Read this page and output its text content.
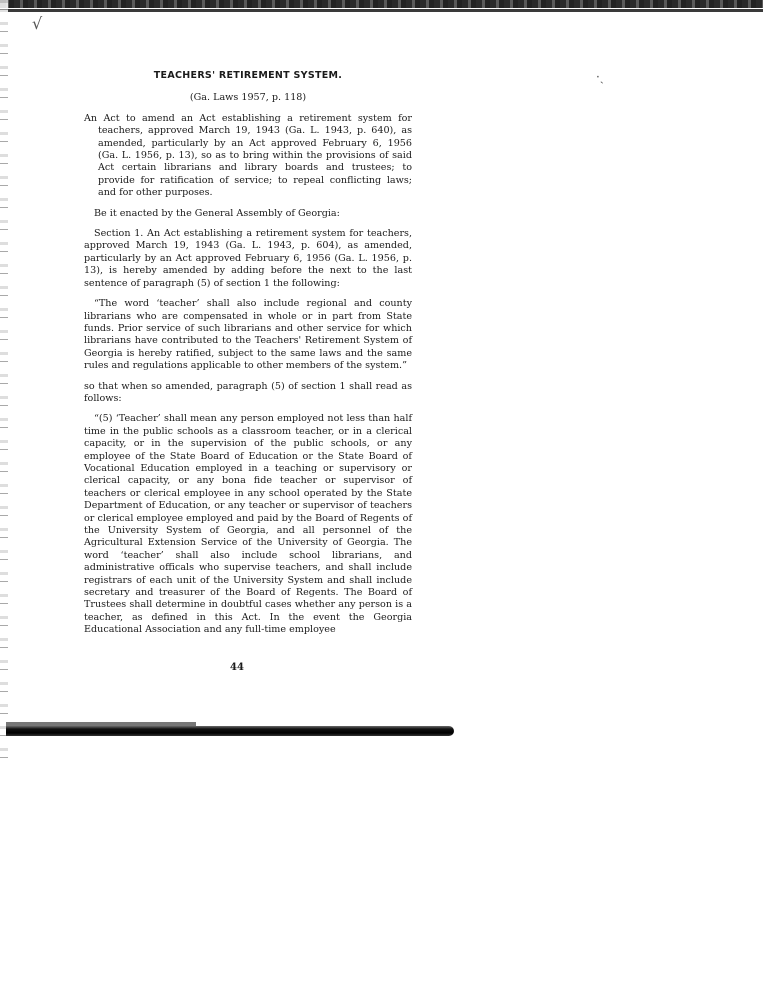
√
‧ˎ
TEACHERS' RETIREMENT SYSTEM.
(Ga. Laws 1957, p. 118)

An Act to amend an Act establishing a retirement system for teachers, approved March 19, 1943 (Ga. L. 1943, p. 640), as amended, particularly by an Act approved February 6, 1956 (Ga. L. 1956, p. 13), so as to bring within the provisions of said Act certain librarians and library boards and trustees; to provide for ratification of service; to repeal conflicting laws; and for other purposes.

Be it enacted by the General Assembly of Georgia:

Section 1. An Act establishing a retirement system for teachers, approved March 19, 1943 (Ga. L. 1943, p. 604), as amended, particularly by an Act approved February 6, 1956 (Ga. L. 1956, p. 13), is hereby amended by adding before the next to the last sentence of paragraph (5) of section 1 the following:

“The word ‘teacher’ shall also include regional and county librarians who are compensated in whole or in part from State funds. Prior service of such librarians and other service for which librarians have contributed to the Teachers' Retirement System of Georgia is hereby ratified, subject to the same laws and the same rules and regulations applicable to other members of the system.”

so that when so amended, paragraph (5) of section 1 shall read as follows:

“(5) ‘Teacher’ shall mean any person employed not less than half time in the public schools as a classroom teacher, or in a clerical capacity, or in the supervision of the public schools, or any employee of the State Board of Education or the State Board of Vocational Education employed in a teaching or supervisory or clerical capacity, or any bona fide teacher or supervisor of teachers or clerical employee in any school operated by the State Department of Education, or any teacher or supervisor of teachers or clerical employee employed and paid by the Board of Regents of the University System of Georgia, and all personnel of the Agricultural Extension Service of the University of Georgia. The word ‘teacher’ shall also include school librarians, and administrative officals who supervise teachers, and shall include registrars of each unit of the University System and shall include secretary and treasurer of the Board of Regents. The Board of Trustees shall determine in doubtful cases whether any person is a teacher, as defined in this Act. In the event the Georgia Educational Association and any full-time employee

44
